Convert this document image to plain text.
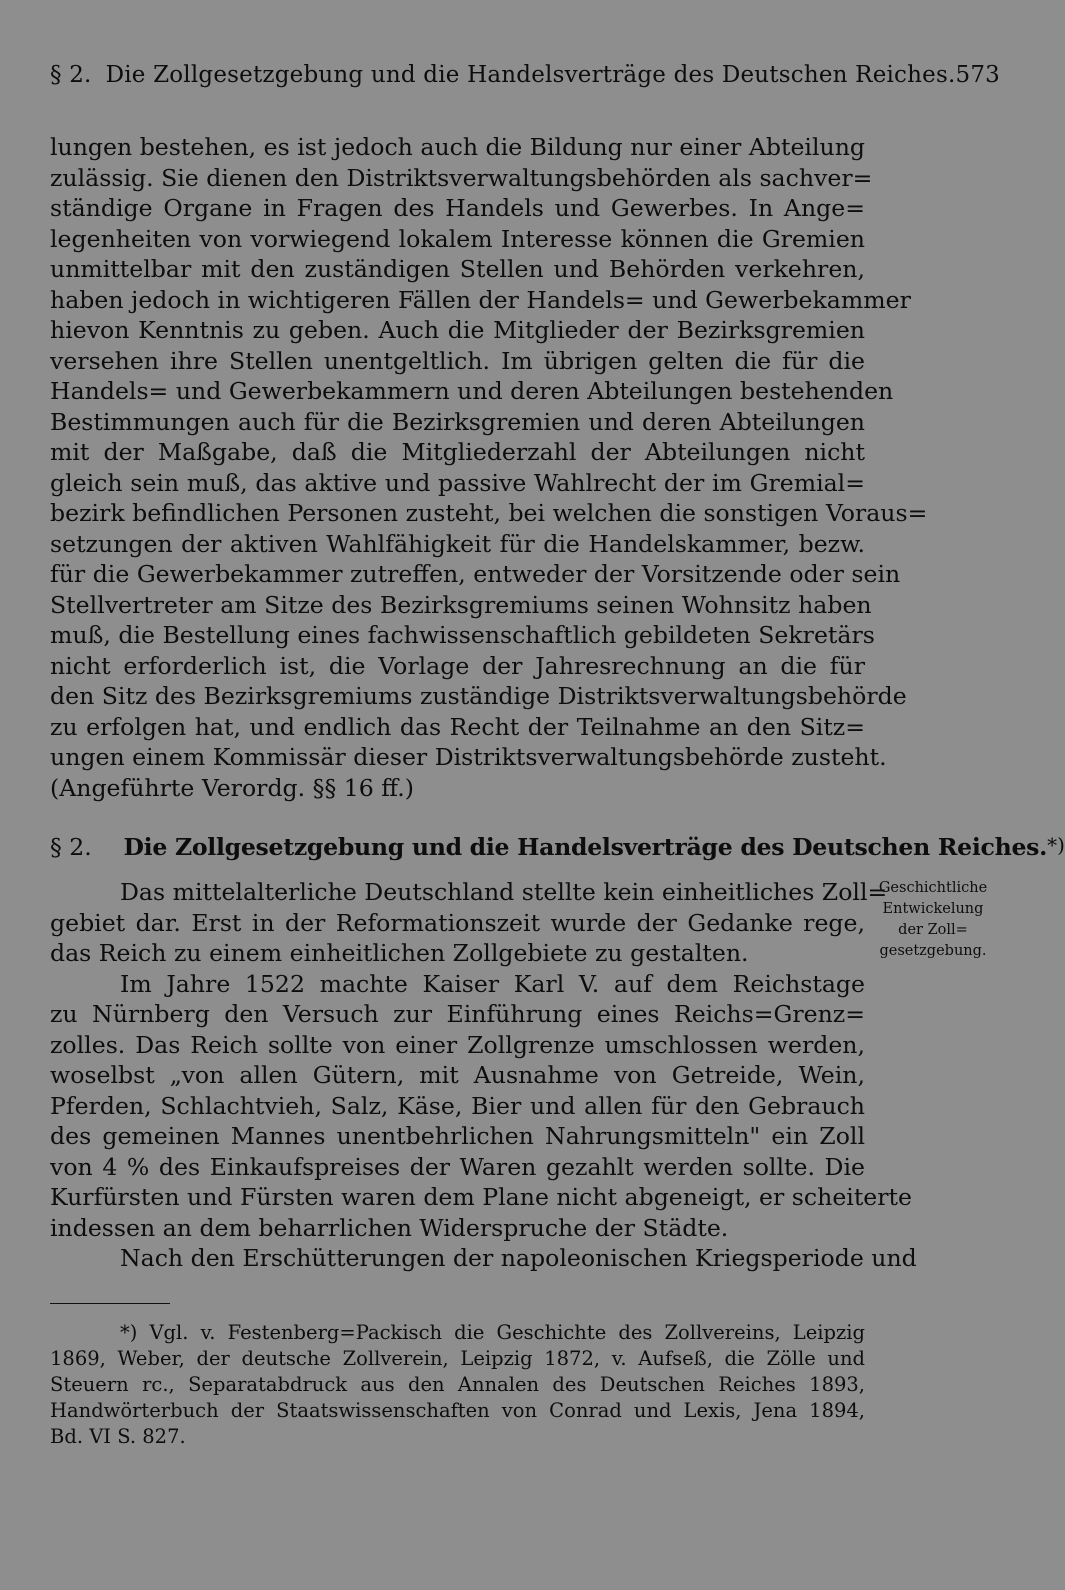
§ 2. Die Zollgesetzgebung und die Handelsverträge des Deutschen Reiches. 573
lungen bestehen, es ist jedoch auch die Bildung nur einer Abteilung
zulässig. Sie dienen den Distriktsverwaltungsbehörden als sachver=
ständige Organe in Fragen des Handels und Gewerbes. In Ange=
legenheiten von vorwiegend lokalem Interesse können die Gremien
unmittelbar mit den zuständigen Stellen und Behörden verkehren,
haben jedoch in wichtigeren Fällen der Handels= und Gewerbekammer
hievon Kenntnis zu geben. Auch die Mitglieder der Bezirksgremien
versehen ihre Stellen unentgeltlich. Im übrigen gelten die für die
Handels= und Gewerbekammern und deren Abteilungen bestehenden
Bestimmungen auch für die Bezirksgremien und deren Abteilungen
mit der Maßgabe, daß die Mitgliederzahl der Abteilungen nicht
gleich sein muß, das aktive und passive Wahlrecht der im Gremial=
bezirk befindlichen Personen zusteht, bei welchen die sonstigen Voraus=
setzungen der aktiven Wahlfähigkeit für die Handelskammer, bezw.
für die Gewerbekammer zutreffen, entweder der Vorsitzende oder sein
Stellvertreter am Sitze des Bezirksgremiums seinen Wohnsitz haben
muß, die Bestellung eines fachwissenschaftlich gebildeten Sekretärs
nicht erforderlich ist, die Vorlage der Jahresrechnung an die für
den Sitz des Bezirksgremiums zuständige Distriktsverwaltungsbehörde
zu erfolgen hat, und endlich das Recht der Teilnahme an den Sitz=
ungen einem Kommissär dieser Distriktsverwaltungsbehörde zusteht.
(Angeführte Verordg. §§ 16 ff.)
§ 2. Die Zollgesetzgebung und die Handelsverträge des Deutschen Reiches.*)
Geschichtliche
Entwickelung
der Zoll=
gesetzgebung.
Das mittelalterliche Deutschland stellte kein einheitliches Zoll=
gebiet dar. Erst in der Reformationszeit wurde der Gedanke rege,
das Reich zu einem einheitlichen Zollgebiete zu gestalten.
Im Jahre 1522 machte Kaiser Karl V. auf dem Reichstage
zu Nürnberg den Versuch zur Einführung eines Reichs=Grenz=
zolles. Das Reich sollte von einer Zollgrenze umschlossen werden,
woselbst „von allen Gütern, mit Ausnahme von Getreide, Wein,
Pferden, Schlachtvieh, Salz, Käse, Bier und allen für den Gebrauch
des gemeinen Mannes unentbehrlichen Nahrungsmitteln" ein Zoll
von 4 % des Einkaufspreises der Waren gezahlt werden sollte. Die
Kurfürsten und Fürsten waren dem Plane nicht abgeneigt, er scheiterte
indessen an dem beharrlichen Widerspruche der Städte.
Nach den Erschütterungen der napoleonischen Kriegsperiode und
*) Vgl. v. Festenberg=Packisch die Geschichte des Zollvereins, Leipzig
1869, Weber, der deutsche Zollverein, Leipzig 1872, v. Aufseß, die Zölle und
Steuern rc., Separatabdruck aus den Annalen des Deutschen Reiches 1893,
Handwörterbuch der Staatswissenschaften von Conrad und Lexis, Jena 1894,
Bd. VI S. 827.
